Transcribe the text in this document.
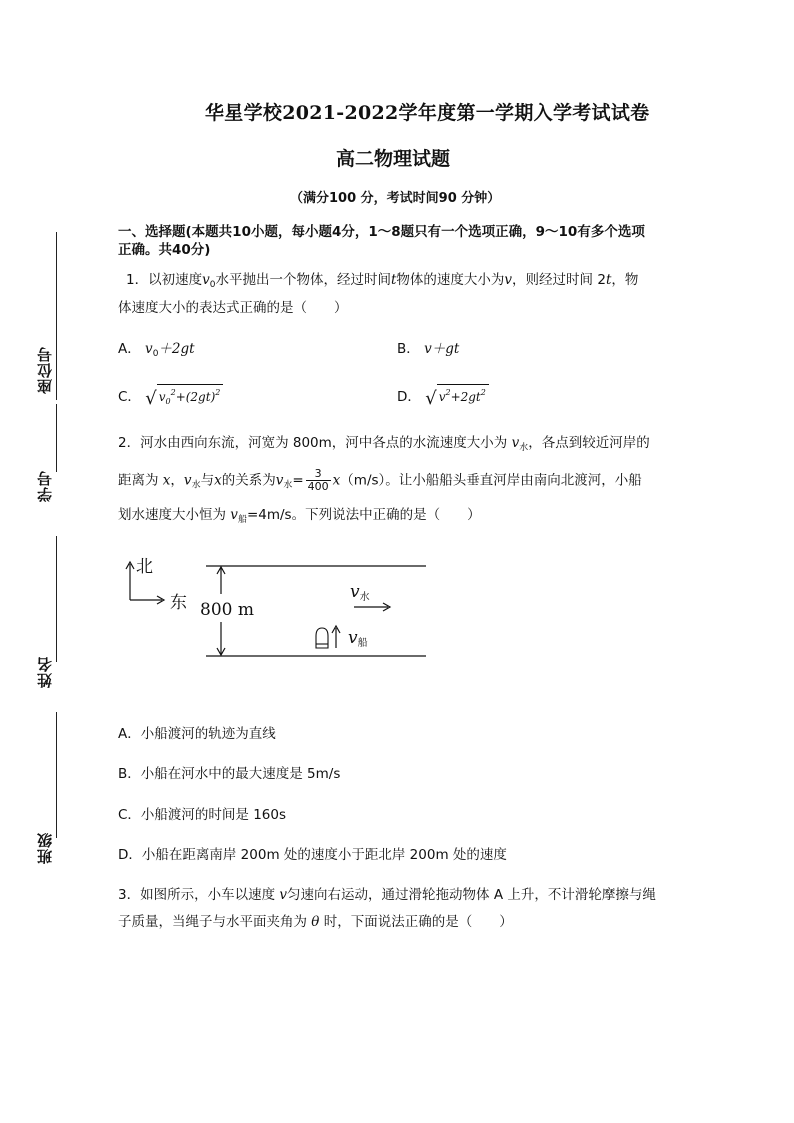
华星学校2021-2022学年度第一学期入学考试试卷
高二物理试题
（满分100 分，考试时间90 分钟）
座位号
学号
姓名
班级
一、选择题(本题共10小题，每小题4分，1～8题只有一个选项正确，9～10有多个选项
正确。共40分)
1．以初速度$v_0$水平抛出一个物体，经过时间t物体的速度大小为v，则经过时间 2t，物
体速度大小的表达式正确的是（　　）
A． $v_0+2gt$	B． v＋gt
C． √ $v_0^2+(2gt)^2$	D． √ $v^2+2gt^2$
2．河水由西向东流，河宽为 800m，河中各点的水流速度大小为 $v_水$，各点到较近河岸的
距离为 x，$v_水$与x的关系为$v_水= \frac{3}{400} x(m/s)$。让小船船头垂直河岸由南向北渡河，小船
划水速度大小恒为 $v_船=4m/s$。下列说法中正确的是（　　）
北
东 800 m
v水
v船
A．小船渡河的轨迹为直线
B．小船在河水中的最大速度是 5m/s
C．小船渡河的时间是 160s
D．小船在距离南岸 200m 处的速度小于距北岸 200m 处的速度
3．如图所示，小车以速度 v匀速向右运动，通过滑轮拖动物体 A 上升，不计滑轮摩擦与绳
子质量，当绳子与水平面夹角为 θ 时，下面说法正确的是（　　）
